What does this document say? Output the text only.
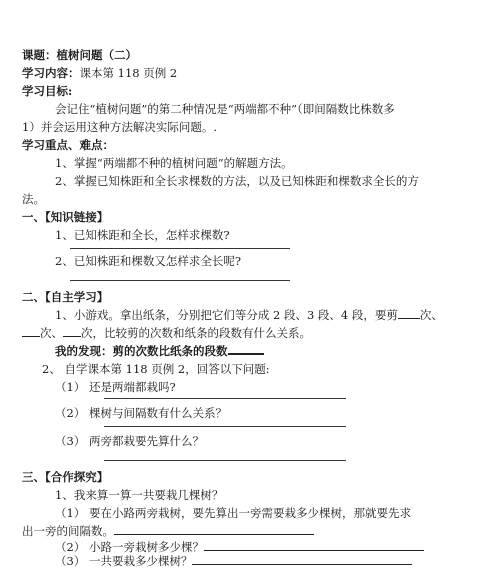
课题：植树问题（二）
学习内容：课本第 118 页例 2
学习目标:
会记住“植树问题”的第二种情况是“两端都不种”（即间隔数比株数多
1）并会运用这种方法解决实际问题。.
学习重点、难点：
1、掌握“两端都不种的植树问题”的解题方法。
2、掌握已知株距和全长求棵数的方法，以及已知株距和棵数求全长的方
法。
一、【知识链接】
1、已知株距和全长，怎样求棵数?
2、已知株距和棵数又怎样求全长呢?
二、【自主学习】
1、小游戏。拿出纸条，分别把它们等分成 2 段、3 段、4 段，要剪 次、
次、 次，比较剪的次数和纸条的段数有什么关系。
我的发现：剪的次数比纸条的段数
2、 自学课本第 118 页例 2，回答以下问题:
（1） 还是两端都栽吗?
（2） 棵树与间隔数有什么关系？
（3） 两旁都栽要先算什么？
三、【合作探究】
1、我来算一算一共要栽几棵树？
（1） 要在小路两旁栽树，要先算出一旁需要栽多少棵树，那就要先求
出一旁的间隔数。
（2） 小路一旁栽树多少棵？
（3） 一共要栽多少棵树？
